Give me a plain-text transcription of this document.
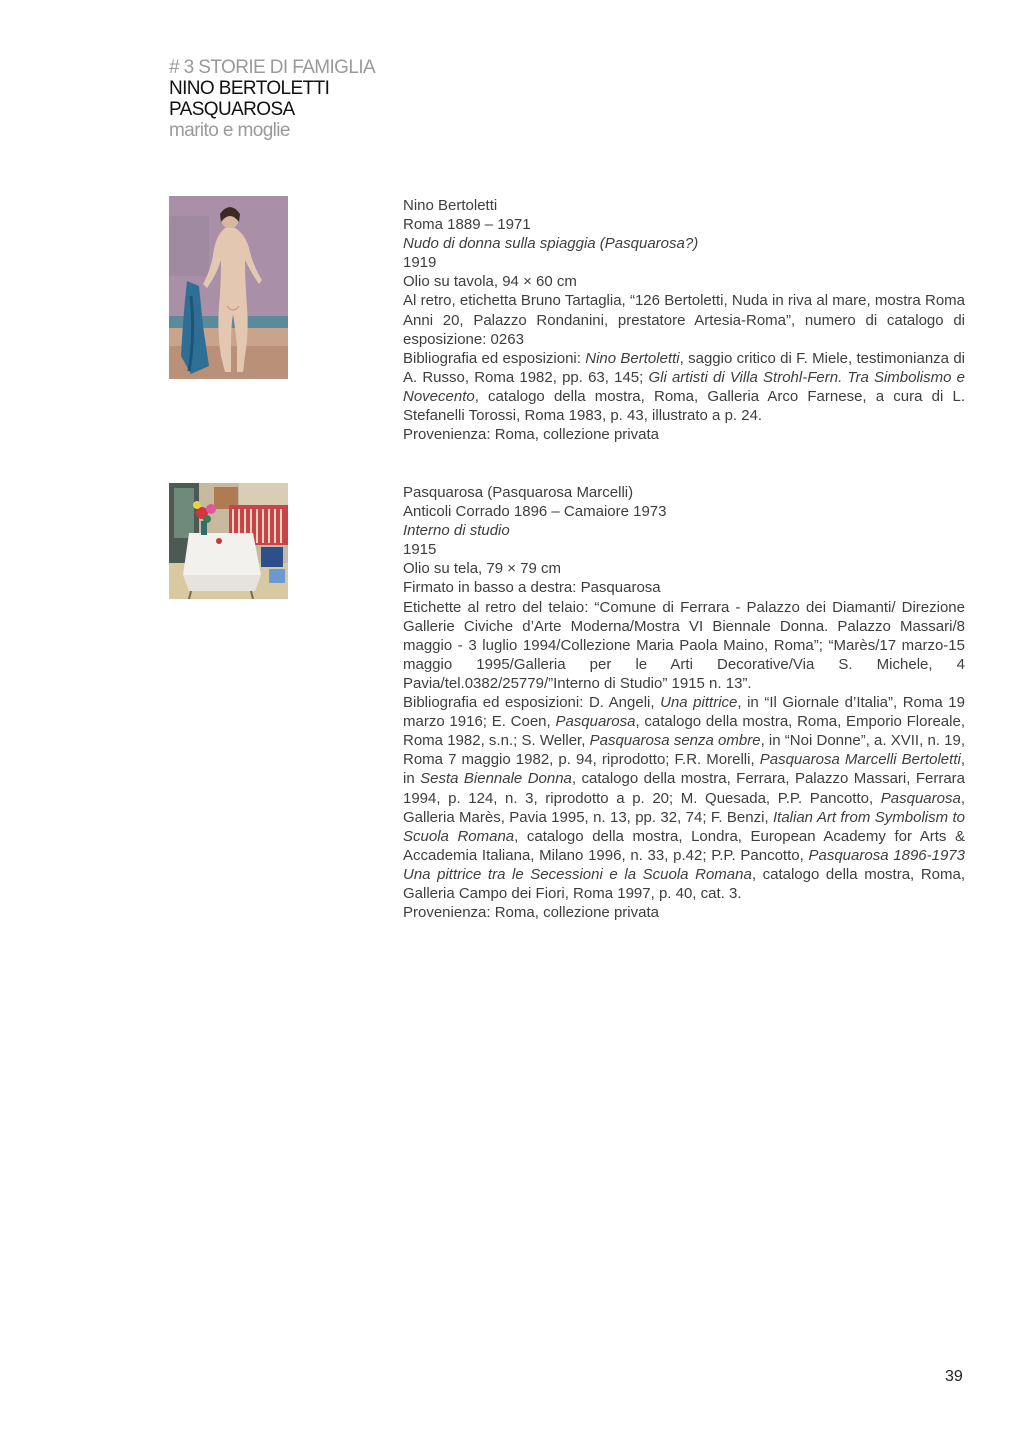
# 3 STORIE DI FAMIGLIA
NINO BERTOLETTI
PASQUAROSA
marito e moglie

Nino Bertoletti

Roma 1889 – 1971

Nudo di donna sulla spiaggia (Pasquarosa?)

1919

Olio su tavola, 94 × 60 cm

Al retro, etichetta Bruno Tartaglia, “126 Bertoletti, Nuda in riva al mare, mostra Roma Anni 20, Palazzo Rondanini, prestatore Artesia-Roma”, numero di catalogo di esposizione: 0263

Bibliografia ed esposizioni: Nino Bertoletti, saggio critico di F. Miele, testimonianza di A. Russo, Roma 1982, pp. 63, 145; Gli artisti di Villa Strohl-Fern. Tra Simbolismo e Novecento, catalogo della mostra, Roma, Galleria Arco Farnese, a cura di L. Stefanelli Torossi, Roma 1983, p. 43, illustrato a p. 24.

Provenienza: Roma, collezione privata

Pasquarosa (Pasquarosa Marcelli)

Anticoli Corrado 1896 – Camaiore 1973

Interno di studio

1915

Olio su tela, 79 × 79 cm

Firmato in basso a destra: Pasquarosa

Etichette al retro del telaio: “Comune di Ferrara - Palazzo dei Diamanti/ Direzione Gallerie Civiche d’Arte Moderna/Mostra VI Biennale Donna. Palazzo Massari/8 maggio - 3 luglio 1994/Collezione Maria Paola Maino, Roma”; “Marès/17 marzo-15 maggio 1995/Galleria per le Arti Decorative/Via S. Michele, 4 Pavia/tel.0382/25779/”Interno di Studio” 1915 n. 13”.

Bibliografia ed esposizioni: D. Angeli, Una pittrice, in “Il Giornale d’Italia”, Roma 19 marzo 1916; E. Coen, Pasquarosa, catalogo della mostra, Roma, Emporio Floreale, Roma 1982, s.n.; S. Weller, Pasquarosa senza ombre, in “Noi Donne”, a. XVII, n. 19, Roma 7 maggio 1982, p. 94, riprodotto; F.R. Morelli, Pasquarosa Marcelli Bertoletti, in Sesta Biennale Donna, catalogo della mostra, Ferrara, Palazzo Massari, Ferrara 1994, p. 124, n. 3, riprodotto a p. 20; M. Quesada, P.P. Pancotto, Pasquarosa, Galleria Marès, Pavia 1995, n. 13, pp. 32, 74; F. Benzi, Italian Art from Symbolism to Scuola Romana, catalogo della mostra, Londra, European Academy for Arts & Accademia Italiana, Milano 1996, n. 33, p.42; P.P. Pancotto, Pasquarosa 1896-1973 Una pittrice tra le Secessioni e la Scuola Romana, catalogo della mostra, Roma, Galleria Campo dei Fiori, Roma 1997, p. 40, cat. 3.

Provenienza: Roma, collezione privata

39
